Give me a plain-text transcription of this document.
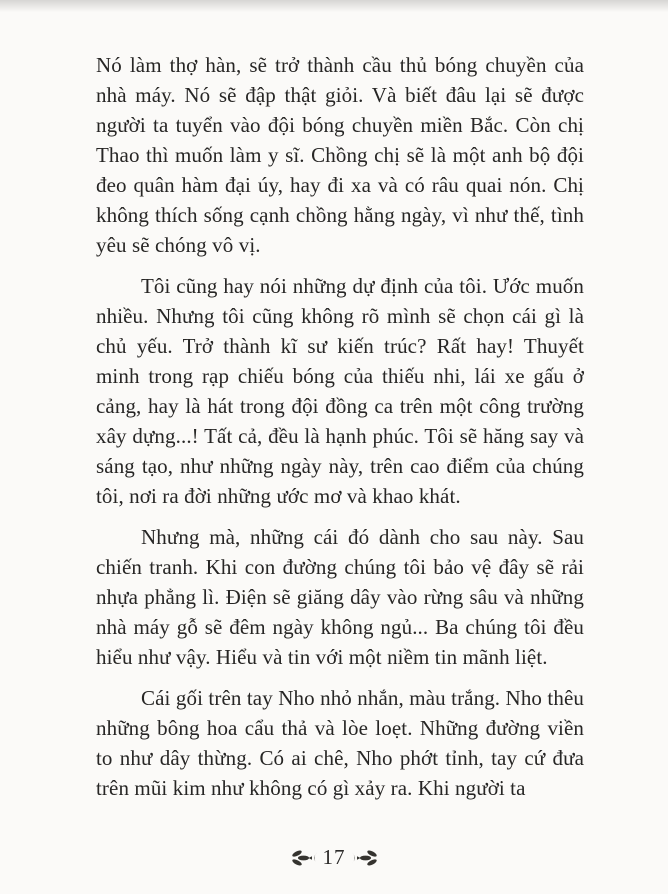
Nó làm thợ hàn, sẽ trở thành cầu thủ bóng chuyền của nhà máy. Nó sẽ đập thật giỏi. Và biết đâu lại sẽ được người ta tuyển vào đội bóng chuyền miền Bắc. Còn chị Thao thì muốn làm y sĩ. Chồng chị sẽ là một anh bộ đội đeo quân hàm đại úy, hay đi xa và có râu quai nón. Chị không thích sống cạnh chồng hằng ngày, vì như thế, tình yêu sẽ chóng vô vị.

Tôi cũng hay nói những dự định của tôi. Ước muốn nhiều. Nhưng tôi cũng không rõ mình sẽ chọn cái gì là chủ yếu. Trở thành kĩ sư kiến trúc? Rất hay! Thuyết minh trong rạp chiếu bóng của thiếu nhi, lái xe gấu ở cảng, hay là hát trong đội đồng ca trên một công trường xây dựng...! Tất cả, đều là hạnh phúc. Tôi sẽ hăng say và sáng tạo, như những ngày này, trên cao điểm của chúng tôi, nơi ra đời những ước mơ và khao khát.

Nhưng mà, những cái đó dành cho sau này. Sau chiến tranh. Khi con đường chúng tôi bảo vệ đây sẽ rải nhựa phẳng lì. Điện sẽ giăng dây vào rừng sâu và những nhà máy gỗ sẽ đêm ngày không ngủ... Ba chúng tôi đều hiểu như vậy. Hiểu và tin với một niềm tin mãnh liệt.

Cái gối trên tay Nho nhỏ nhắn, màu trắng. Nho thêu những bông hoa cẩu thả và lòe loẹt. Những đường viền to như dây thừng. Có ai chê, Nho phớt tỉnh, tay cứ đưa trên mũi kim như không có gì xảy ra. Khi người ta

17
